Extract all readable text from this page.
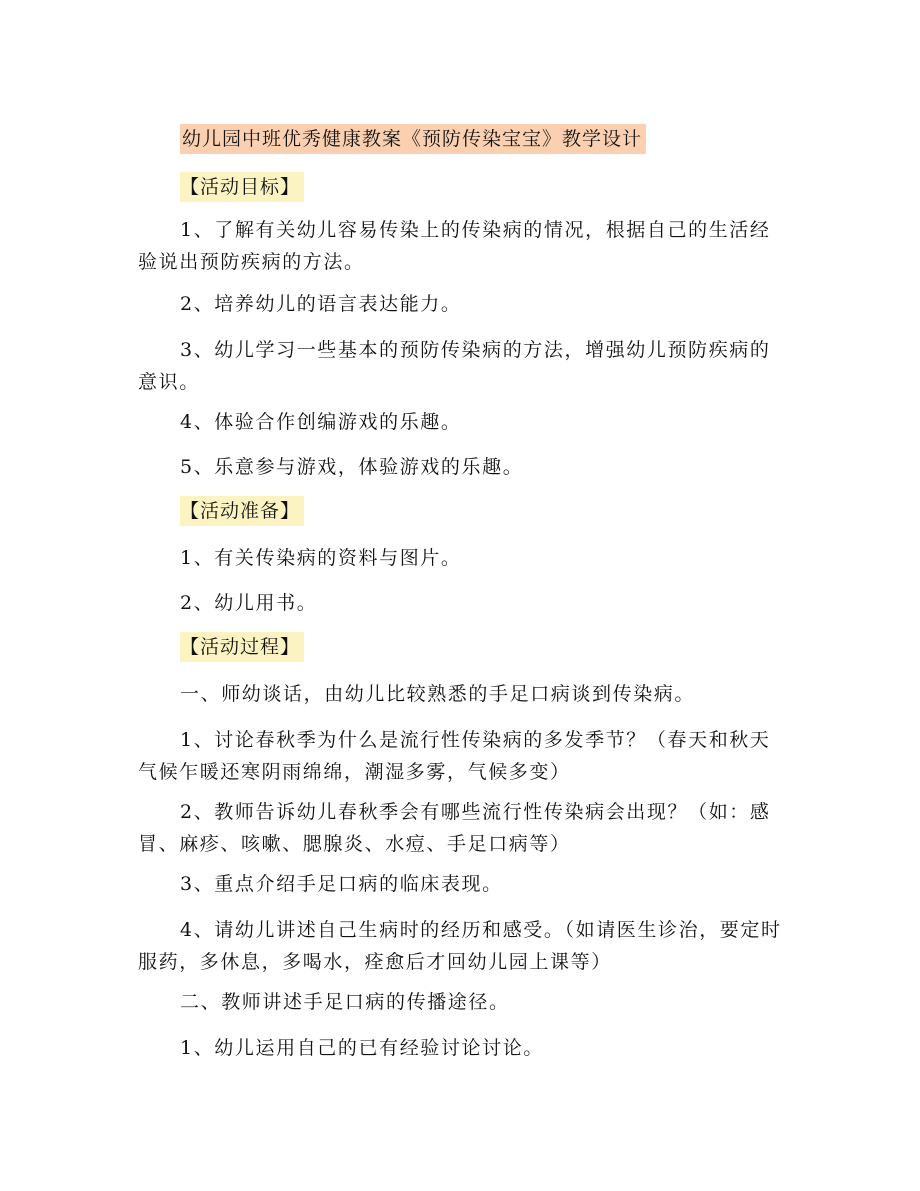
幼儿园中班优秀健康教案《预防传染宝宝》教学设计
【活动目标】

1、了解有关幼儿容易传染上的传染病的情况，根据自己的生活经验说出预防疾病的方法。

2、培养幼儿的语言表达能力。

3、幼儿学习一些基本的预防传染病的方法，增强幼儿预防疾病的意识。

4、体验合作创编游戏的乐趣。

5、乐意参与游戏，体验游戏的乐趣。

【活动准备】

1、有关传染病的资料与图片。

2、幼儿用书。

【活动过程】

一、师幼谈话，由幼儿比较熟悉的手足口病谈到传染病。

1、讨论春秋季为什么是流行性传染病的多发季节？（春天和秋天气候乍暖还寒阴雨绵绵，潮湿多雾，气候多变）

2、教师告诉幼儿春秋季会有哪些流行性传染病会出现？（如：感冒、麻疹、咳嗽、腮腺炎、水痘、手足口病等）

3、重点介绍手足口病的临床表现。

4、请幼儿讲述自己生病时的经历和感受。（如请医生诊治，要定时服药，多休息，多喝水，痊愈后才回幼儿园上课等）

二、教师讲述手足口病的传播途径。

1、幼儿运用自己的已有经验讨论讨论。
